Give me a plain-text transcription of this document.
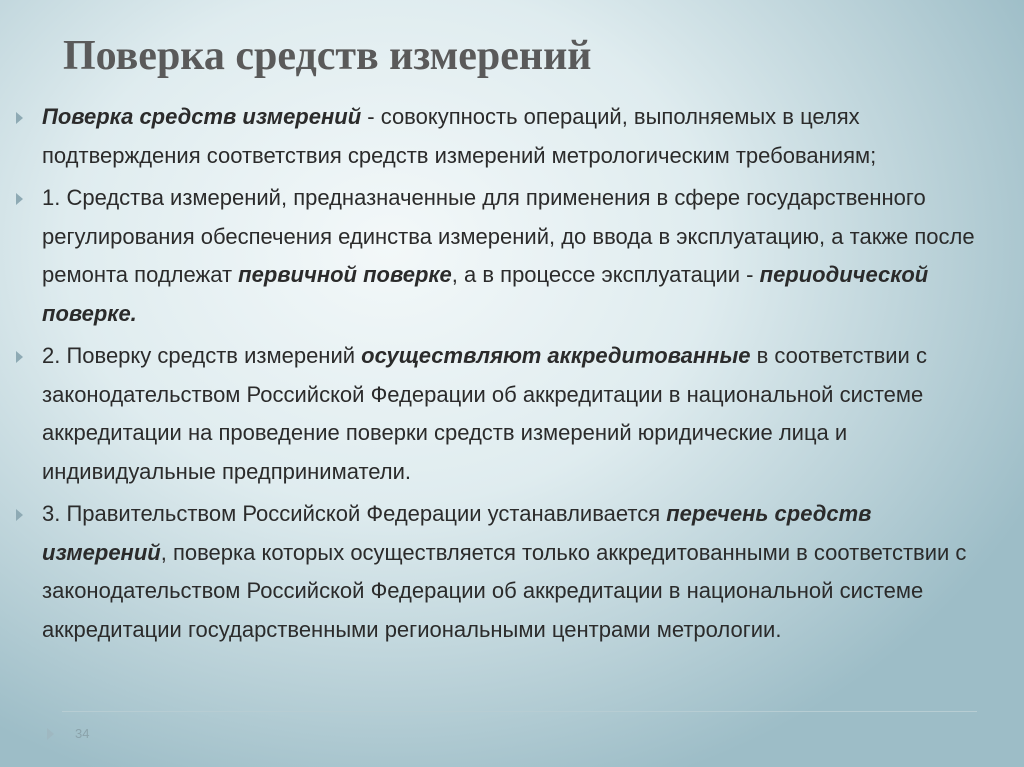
Поверка средств измерений
Поверка средств измерений - совокупность операций, выполняемых в целях подтверждения соответствия средств измерений метрологическим требованиям;
1. Средства измерений, предназначенные для применения в сфере государственного регулирования обеспечения единства измерений, до ввода в эксплуатацию, а также после ремонта подлежат первичной поверке, а в процессе эксплуатации - периодической поверке.
2. Поверку средств измерений осуществляют аккредитованные в соответствии с законодательством Российской Федерации об аккредитации в национальной системе аккредитации на проведение поверки средств измерений юридические лица и индивидуальные предприниматели.
3. Правительством Российской Федерации устанавливается перечень средств измерений, поверка которых осуществляется только аккредитованными в соответствии с законодательством Российской Федерации об аккредитации в национальной системе аккредитации государственными региональными центрами метрологии.
34
